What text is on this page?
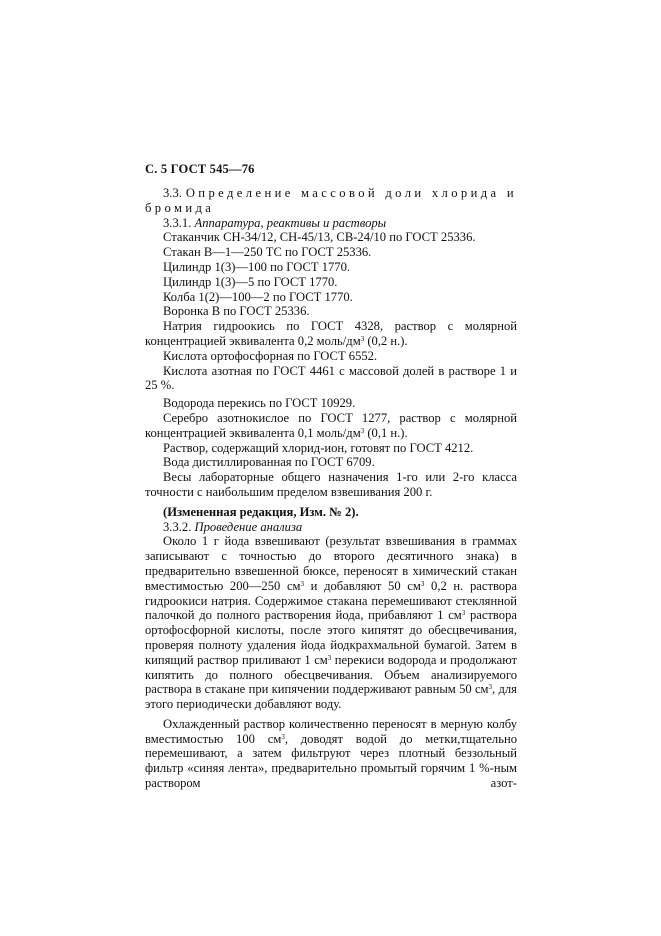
С. 5 ГОСТ 545—76

3.3. Определение массовой доли хлорида и бромида

3.3.1. Аппаратура, реактивы и растворы

Стаканчик СН-34/12, СН-45/13, СВ-24/10 по ГОСТ 25336.

Стакан В—1—250 ТС по ГОСТ 25336.

Цилиндр 1(3)—100 по ГОСТ 1770.

Цилиндр 1(3)—5 по ГОСТ 1770.

Колба 1(2)—100—2 по ГОСТ 1770.

Воронка В по ГОСТ 25336.

Натрия гидроокись по ГОСТ 4328, раствор с молярной концентрацией эквивалента 0,2 моль/$дм^3$ (0,2 н.).

Кислота ортофосфорная по ГОСТ 6552.

Кислота азотная по ГОСТ 4461 с массовой долей в растворе 1 и 25 %.

Водорода перекись по ГОСТ 10929.

Серебро азотнокислое по ГОСТ 1277, раствор с молярной концентрацией эквивалента 0,1 моль/$дм^3$ (0,1 н.).

Раствор, содержащий хлорид-ион, готовят по ГОСТ 4212.

Вода дистиллированная по ГОСТ 6709.

Весы лабораторные общего назначения 1-го или 2-го класса точности с наибольшим пределом взвешивания 200 г.

(Измененная редакция, Изм. № 2).

3.3.2. Проведение анализа

Около 1 г йода взвешивают (результат взвешивания в граммах записывают с точностью до второго десятичного знака) в предварительно взвешенной бюксе, переносят в химический стакан вместимостью 200—250 $см^3$ и добавляют 50 $см^3$ 0,2 н. раствора гидроокиси натрия. Содержимое стакана перемешивают стеклянной палочкой до полного растворения йода, прибавляют 1 $см^3$ раствора ортофосфорной кислоты, после этого кипятят до обесцвечивания, проверяя полноту удаления йода йодкрахмальной бумагой. Затем в кипящий раствор приливают 1 $см^3$ перекиси водорода и продолжают кипятить до полного обесцвечивания. Объем анализируемого раствора в стакане при кипячении поддерживают равным 50 $см^3$, для этого периодически добавляют воду.

Охлажденный раствор количественно переносят в мерную колбу вместимостью 100 $см^3$, доводят водой до метки,тщательно перемешивают, а затем фильтруют через плотный беззольный фильтр «синяя лента», предварительно промытый горячим 1 %-ным раствором азот-
